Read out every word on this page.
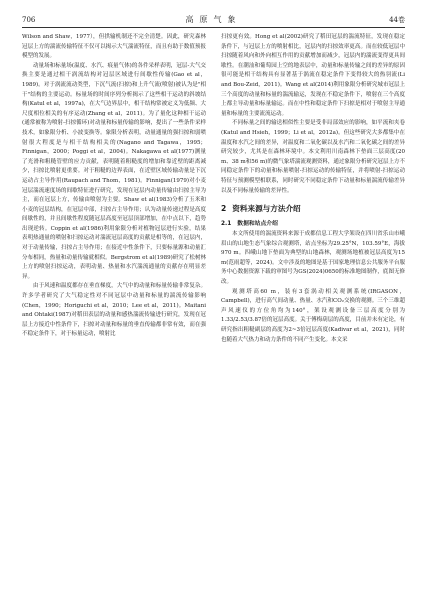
706	高原气象	44卷

Wilson and Shaw，1977），但拱输机制还不完全清楚。因此，研究森林冠层上方的湍流传输特征不仅可以揭示大气湍流特征，而且有助于数值预报模型的发展。

动量场和标量场(温度、水汽、痕量气体)的各件采样表明，冠层-大气交换主要是通过相干涡流结构对冠层区域进行间歇性传输(Gao et al，1989)。对于涡流流动类型，下沉气流(扫掠)和上升气流(喷射)被认为是"相干"结构的主要运动。标量场的时间序列分析揭示了这些相干运动的斜坡结构(Katul et al，1997a)，在大气边界层中，相干结构常被定义为低频、大尺度相位相关的有序运动(Zhang et al，2011)。为了量化这种相干运动(通常被称为喷射-扫掠循环)对动量和标量传输的影响，提出了一些条件采样技术，如象限分析、小波变换等。象限分析表明，动量通量的强扫掠和弱喷射很大程度是与相干结构相关的(Nagano and Tagawa，1995；Finnigan，2000；Poggi et al，2004)。Nakagawa et al(1977)测量了光滑和粗糙管壁的应力贡献，表明随着粗糙度的增加和靠近壁的距离减少，扫掠比喷射更重要。对于粗糙的边界表面，在近壁区域传输动量是下沉运动占主导作用(Raupach and Thom，1981)。Finnigan(1979)对小麦冠层湍流速度场的间歇特征进行研究，发现在冠层内动量传输由扫掠主导为主，而在冠层上方，传输由喷射为主要。Shaw et al(1983)分析了玉米和小麦的冠层结构，在冠层中部，扫掠占主导作用；认为动量传递过程是高度间歇性的，并且间歇性程度随冠层高度至冠层顶部增加，在中点以下，趋势出现逆转。Coppin et al(1986)利用象限分析对植物冠层进行实验，结果表明热通量的喷射和扫掠运动对湍流冠层高度的贡献是相等的，在冠层内，对于动量传输，扫掠占主导作用；在接近中性条件下，只要标量源和动量汇分布相同，热量和动量传输就相似。Bergstrom et al(1989)研究了松树林上方的喷射扫掠运动，表明动量、热量和水汽湍流通量的贡献存在明显差异。

由于风速和温度都存在垂直梯度，大气中的动量和标量传输非常复杂。许多学者研究了大气稳定性对不同冠层中动量和标量的湍流传输影响(Chen，1990；Horiguchi et al，2010；Lee et al，2011)。Maitani and Ohtaki(1987)对稻田表层的动量和感热湍流传输进行研究，发现在冠层上方接近中性条件下，扫掠对动量和标量的垂直传输都非常有效，而在强不稳定条件下，对于标量运动，喷射比

扫掠更有效。Hong et al(2002)研究了稻田冠层的湍流特征，发现在稳定条件下，与冠层上方的喷射相比，冠层内的扫掠效率更高。而在较低冠层中扫掠随着风向和外向相互作用的贡献增加而减少，冠层内的湍流变得更具间歇性。在潮汕和葡萄园上空的地表层中，动量和标量传输之间的差异的原因很可能是相干结构具有显著基于涡流在稳定条件下变得较大的热羽流(Li and Bou-Zeid，2011)。Wang et al(2014)利用象限分析研究城市冠层上三个高度的动量和标量的湍流输运，发现在不稳定条件下，喷射在三个高度上都主导动量和标量输运。而在中性和稳定条件下扫掠是相对于喷射主导通量和标量的主要流流运动。

不同标量之间的输送相似性主要是受非局部效应的影响，如平流和夹卷(Katul and Hsieh，1999；Li et al，2012a)。但这些研究大多都集中在温度和水汽之间的差异，对温度和二氧化碳以及水汽和二氧化碳之间的差异研究较少，尤其是在森林环境中。本文利用川南森林下垫面三层高度(20 m、38 m和56 m)的微气象塔湍流观测资料，通过象限分析研究冠层上方不同稳定条件下的动量和标量喷射-扫掠运动的传输特征，并将喷射-扫掠运动特征与预测模型相联系，同时研究不同稳定条件下动量和标量湍流传输差异以及不同标量传输的差异性。

2 资料来源与方法介绍
2.1 数据和站点介绍

本文所使用的湍流资料来源于成都信息工程大学架设在四川省乐山市峨眉山的山地生态气象综合观测塔，站点坐标为29.25°N，103.59°E，海拔970 m。四峨山地下垫面为典型的山地森林，观测场地植被冠层高度为15 m(范雨超等，2024)。文中涉及的地图是基于国家地理信息公共服务平台服务中心数据资源下载的审图号为GS(2024)0650的标准地图制作，底图无修改。

观测塔高60 m，装有3套涡动相关观测系统(IRGASON，Campbell)，进行高气间动量、热量、水汽和CO₂交换的观测。三个三维超声风速仪的方位角均为140°，架设观测设备三层高度分别为1.33/2.53/3.87倍的冠层高度。关于傅梅葫层的高度，目前并未有定论，有研究指出粗糙副层的高度为2~3倍冠层高度(Kadivar et al，2021)，同时也随着大气热力和动力条件的不同产生变化。本文采
